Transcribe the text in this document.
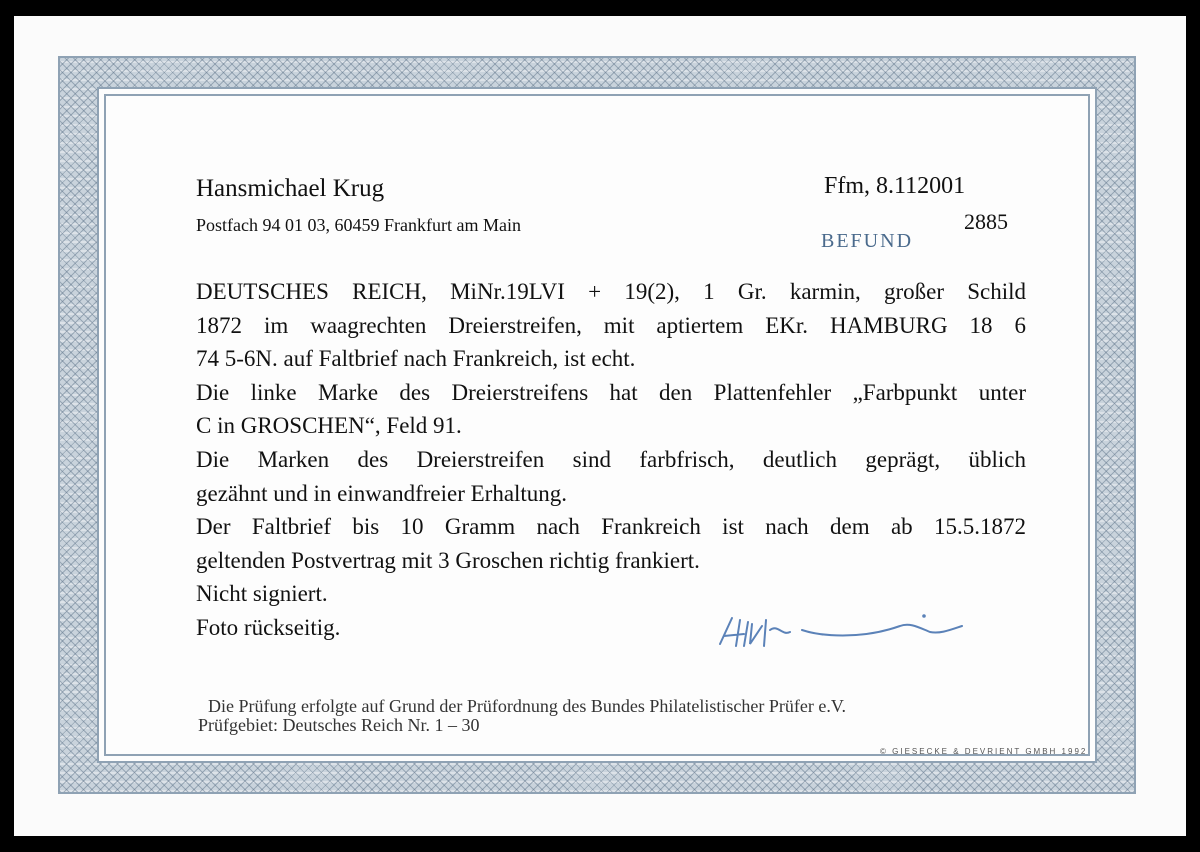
Hansmichael Krug
Postfach 94 01 03, 60459 Frankfurt am Main
Ffm, 8.112001
2885
BEFUND
DEUTSCHES REICH, MiNr.19LVI + 19(2), 1 Gr. karmin, großer Schild
1872 im waagrechten Dreierstreifen, mit aptiertem EKr. HAMBURG 18 6
74 5-6N. auf Faltbrief nach Frankreich, ist echt.
Die linke Marke des Dreierstreifens hat den Plattenfehler „Farbpunkt unter
C in GROSCHEN“, Feld 91.
Die Marken des Dreierstreifen sind farbfrisch, deutlich geprägt, üblich
gezähnt und in einwandfreier Erhaltung.
Der Faltbrief bis 10 Gramm nach Frankreich ist nach dem ab 15.5.1872
geltenden Postvertrag mit 3 Groschen richtig frankiert.
Nicht signiert.
Foto rückseitig.
Die Prüfung erfolgte auf Grund der Prüfordnung des Bundes Philatelistischer Prüfer e.V.
Prüfgebiet: Deutsches Reich Nr. 1 – 30
© GIESECKE & DEVRIENT GMBH 1992
